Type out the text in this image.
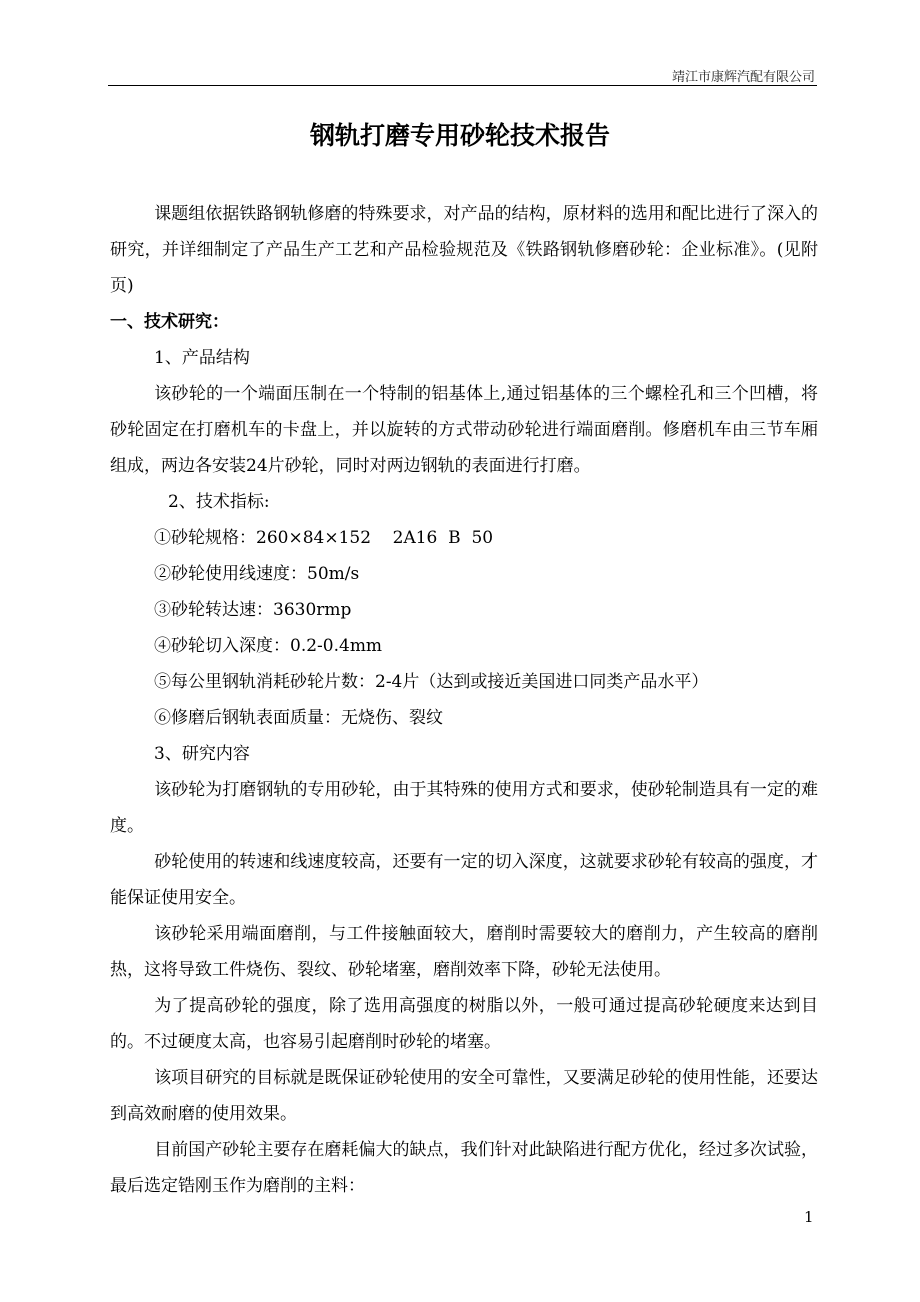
靖江市康辉汽配有限公司
钢轨打磨专用砂轮技术报告

课题组依据铁路钢轨修磨的特殊要求，对产品的结构，原材料的选用和配比进行了深入的研究，并详细制定了产品生产工艺和产品检验规范及《铁路钢轨修磨砂轮：企业标准》。(见附页)

一、技术研究：

1、产品结构

该砂轮的一个端面压制在一个特制的铝基体上,通过铝基体的三个螺栓孔和三个凹槽，将砂轮固定在打磨机车的卡盘上，并以旋转的方式带动砂轮进行端面磨削。修磨机车由三节车厢组成，两边各安装24片砂轮，同时对两边钢轨的表面进行打磨。

2、技术指标:

①砂轮规格：260×84×152    2A16  B  50

②砂轮使用线速度：50m/s

③砂轮转达速：3630rmp

④砂轮切入深度：0.2-0.4mm

⑤每公里钢轨消耗砂轮片数：2-4片（达到或接近美国进口同类产品水平）

⑥修磨后钢轨表面质量：无烧伤、裂纹

3、研究内容

该砂轮为打磨钢轨的专用砂轮，由于其特殊的使用方式和要求，使砂轮制造具有一定的难度。

砂轮使用的转速和线速度较高，还要有一定的切入深度，这就要求砂轮有较高的强度，才能保证使用安全。

该砂轮采用端面磨削，与工件接触面较大，磨削时需要较大的磨削力，产生较高的磨削热，这将导致工件烧伤、裂纹、砂轮堵塞，磨削效率下降，砂轮无法使用。

为了提高砂轮的强度，除了选用高强度的树脂以外，一般可通过提高砂轮硬度来达到目的。不过硬度太高，也容易引起磨削时砂轮的堵塞。

该项目研究的目标就是既保证砂轮使用的安全可靠性，又要满足砂轮的使用性能，还要达到高效耐磨的使用效果。

目前国产砂轮主要存在磨耗偏大的缺点，我们针对此缺陷进行配方优化，经过多次试验，最后选定锆刚玉作为磨削的主料：

1
